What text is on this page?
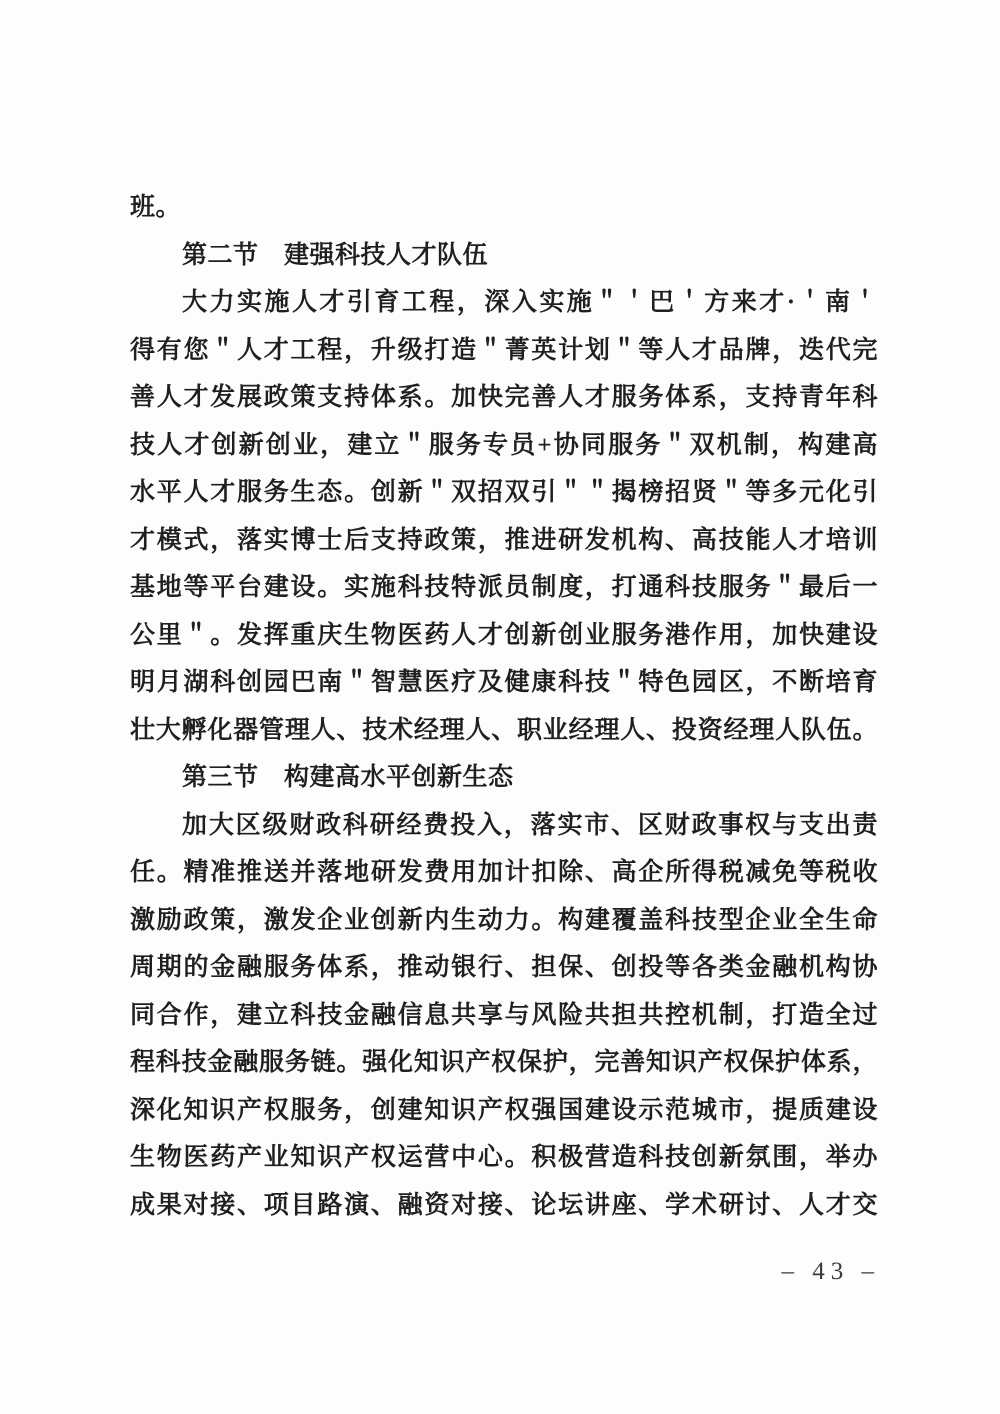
班。
第二节　建强科技人才队伍
大力实施人才引育工程，深入实施＂＇巴＇方来才·＇南＇
得有您＂人才工程，升级打造＂菁英计划＂等人才品牌，迭代完
善人才发展政策支持体系。加快完善人才服务体系，支持青年科
技人才创新创业，建立＂服务专员+协同服务＂双机制，构建高
水平人才服务生态。创新＂双招双引＂＂揭榜招贤＂等多元化引
才模式，落实博士后支持政策，推进研发机构、高技能人才培训
基地等平台建设。实施科技特派员制度，打通科技服务＂最后一
公里＂。发挥重庆生物医药人才创新创业服务港作用，加快建设
明月湖科创园巴南＂智慧医疗及健康科技＂特色园区，不断培育
壮大孵化器管理人、技术经理人、职业经理人、投资经理人队伍。
第三节　构建高水平创新生态
加大区级财政科研经费投入，落实市、区财政事权与支出责
任。精准推送并落地研发费用加计扣除、高企所得税减免等税收
激励政策，激发企业创新内生动力。构建覆盖科技型企业全生命
周期的金融服务体系，推动银行、担保、创投等各类金融机构协
同合作，建立科技金融信息共享与风险共担共控机制，打造全过
程科技金融服务链。强化知识产权保护，完善知识产权保护体系，
深化知识产权服务，创建知识产权强国建设示范城市，提质建设
生物医药产业知识产权运营中心。积极营造科技创新氛围，举办
成果对接、项目路演、融资对接、论坛讲座、学术研讨、人才交
– 43 –
